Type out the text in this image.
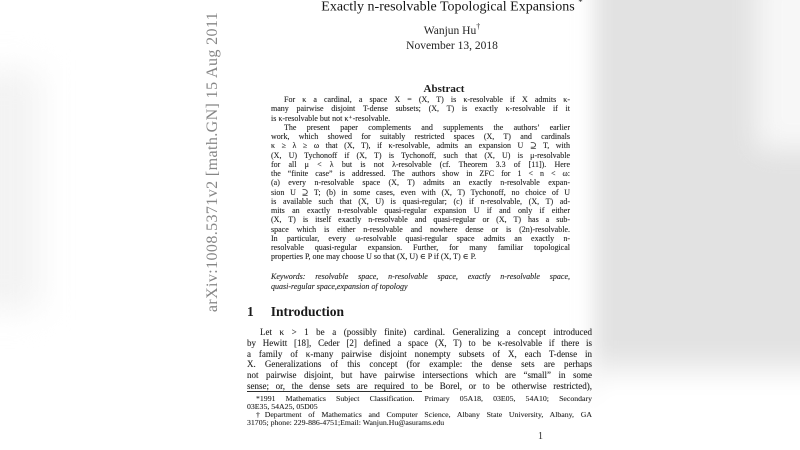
arXiv:1008.5371v2 [math.GN] 15 Aug 2011
Exactly n-resolvable Topological Expansions *
Wanjun Hu†
November 13, 2018
Abstract
For κ a cardinal, a space X = (X, T) is κ-resolvable if X admits κ-
many pairwise disjoint T-dense subsets; (X, T) is exactly κ-resolvable if it
is κ-resolvable but not κ⁺-resolvable.
The present paper complements and supplements the authors’ earlier
work, which showed for suitably restricted spaces (X, T) and cardinals
κ ≥ λ ≥ ω that (X, T), if κ-resolvable, admits an expansion U ⊇ T, with
(X, U) Tychonoff if (X, T) is Tychonoff, such that (X, U) is μ-resolvable
for all μ < λ but is not λ-resolvable (cf. Theorem 3.3 of [11]). Here
the “finite case” is addressed. The authors show in ZFC for 1 < n < ω:
(a) every n-resolvable space (X, T) admits an exactly n-resolvable expan-
sion U ⊇ T; (b) in some cases, even with (X, T) Tychonoff, no choice of U
is available such that (X, U) is quasi-regular; (c) if n-resolvable, (X, T) ad-
mits an exactly n-resolvable quasi-regular expansion U if and only if either
(X, T) is itself exactly n-resolvable and quasi-regular or (X, T) has a sub-
space which is either n-resolvable and nowhere dense or is (2n)-resolvable.
In particular, every ω-resolvable quasi-regular space admits an exactly n-
resolvable quasi-regular expansion. Further, for many familiar topological
properties P, one may choose U so that (X, U) ∈ P if (X, T) ∈ P.
Keywords: resolvable space, n-resolvable space, exactly n-resolvable space,
quasi-regular space,expansion of topology
1 Introduction
Let κ > 1 be a (possibly finite) cardinal. Generalizing a concept introduced
by Hewitt [18], Ceder [2] defined a space (X, T) to be κ-resolvable if there is
a family of κ-many pairwise disjoint nonempty subsets of X, each T-dense in
X. Generalizations of this concept (for example: the dense sets are perhaps
not pairwise disjoint, but have pairwise intersections which are “small” in some
sense; or, the dense sets are required to be Borel, or to be otherwise restricted),
*1991 Mathematics Subject Classification. Primary 05A18, 03E05, 54A10; Secondary
03E35, 54A25, 05D05
†Department of Mathematics and Computer Science, Albany State University, Albany, GA
31705; phone: 229-886-4751;Email: Wanjun.Hu@asurams.edu
1
